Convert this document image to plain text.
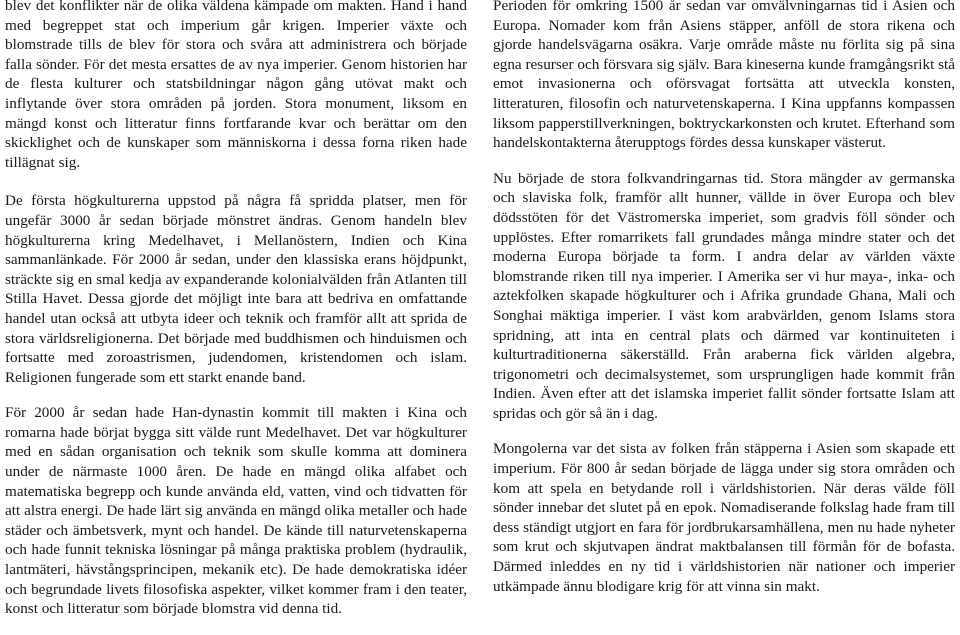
blev det konflikter när de olika väldena kämpade om makten. Hand i hand med begreppet stat och imperium går krigen. Imperier växte och blomstrade tills de blev för stora och svåra att administrera och började falla sönder. För det mesta ersattes de av nya imperier. Genom historien har de flesta kulturer och statsbildningar någon gång utövat makt och inflytande över stora områden på jorden. Stora monument, liksom en mängd konst och litteratur finns fortfarande kvar och berättar om den skicklighet och de kunskaper som människorna i dessa forna riken hade tillägnat sig.

De första högkulturerna uppstod på några få spridda platser, men för ungefär 3000 år sedan började mönstret ändras. Genom handeln blev högkulturerna kring Medelhavet, i Mellanöstern, Indien och Kina sammanlänkade. För 2000 år sedan, under den klassiska erans höjdpunkt, sträckte sig en smal kedja av expanderande kolonialvälden från Atlanten till Stilla Havet. Dessa gjorde det möjligt inte bara att bedriva en omfattande handel utan också att utbyta ideer och teknik och framför allt att sprida de stora världsreligionerna. Det började med buddhismen och hinduismen och fortsatte med zoroastrismen, judendomen, kristendomen och islam. Religionen fungerade som ett starkt enande band.

För 2000 år sedan hade Han-dynastin kommit till makten i Kina och romarna hade börjat bygga sitt välde runt Medelhavet. Det var högkulturer med en sådan organisation och teknik som skulle komma att dominera under de närmaste 1000 åren. De hade en mängd olika alfabet och matematiska begrepp och kunde använda eld, vatten, vind och tidvatten för att alstra energi. De hade lärt sig använda en mängd olika metaller och hade städer och ämbetsverk, mynt och handel. De kände till naturvetenskaperna och hade funnit tekniska lösningar på många praktiska problem (hydraulik, lantmäteri, hävstångsprincipen, mekanik etc). De hade demokratiska idéer och begrundade livets filosofiska aspekter, vilket kommer fram i den teater, konst och litteratur som började blomstra vid denna tid.

Perioden för omkring 1500 år sedan var omvälvningarnas tid i Asien och Europa. Nomader kom från Asiens stäpper, anföll de stora rikena och gjorde handelsvägarna osäkra. Varje område måste nu förlita sig på sina egna resurser och försvara sig själv. Bara kineserna kunde framgångsrikt stå emot invasionerna och oförsvagat fortsätta att utveckla konsten, litteraturen, filosofin och naturvetenskaperna. I Kina uppfanns kompassen liksom papperstillverkningen, boktryckarkonsten och krutet. Efterhand som handelskontakterna återupptogs fördes dessa kunskaper västerut.

Nu började de stora folkvandringarnas tid. Stora mängder av germanska och slaviska folk, framför allt hunner, vällde in över Europa och blev dödsstöten för det Västromerska imperiet, som gradvis föll sönder och upplöstes. Efter romarrikets fall grundades många mindre stater och det moderna Europa började ta form. I andra delar av världen växte blomstrande riken till nya imperier. I Amerika ser vi hur maya-, inka- och aztekfolken skapade högkulturer och i Afrika grundade Ghana, Mali och Songhai mäktiga imperier. I väst kom arabvärlden, genom Islams stora spridning, att inta en central plats och därmed var kontinuiteten i kulturtraditionerna säkerställd. Från araberna fick världen algebra, trigonometri och decimalsystemet, som ursprungligen hade kommit från Indien. Även efter att det islamska imperiet fallit sönder fortsatte Islam att spridas och gör så än i dag.

Mongolerna var det sista av folken från stäpperna i Asien som skapade ett imperium. För 800 år sedan började de lägga under sig stora områden och kom att spela en betydande roll i världshistorien. När deras välde föll sönder innebar det slutet på en epok. Nomadiserande folkslag hade fram till dess ständigt utgjort en fara för jordbrukarsamhällena, men nu hade nyheter som krut och skjutvapen ändrat maktbalansen till förmån för de bofasta. Därmed inleddes en ny tid i världshistorien när nationer och imperier utkämpade ännu blodigare krig för att vinna sin makt.
